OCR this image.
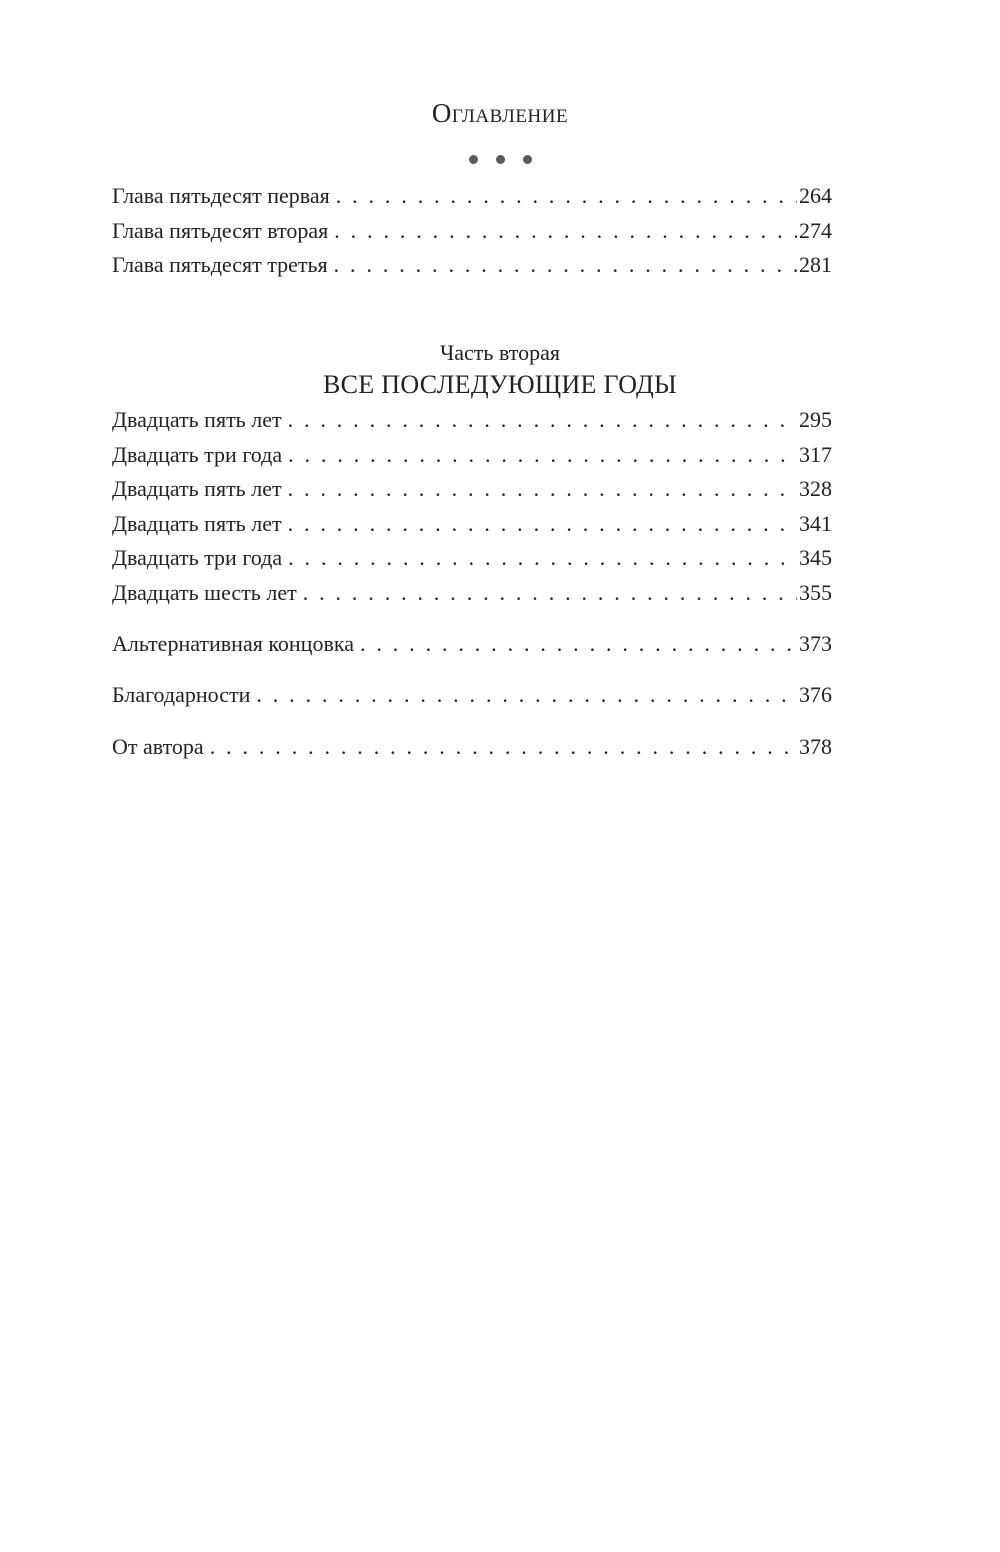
Оглавление
Глава пятьдесят первая . . .	264
Глава пятьдесят вторая . . .	274
Глава пятьдесят третья . . .	281
Часть вторая
ВСЕ ПОСЛЕДУЮЩИЕ ГОДЫ
Двадцать пять лет . . .	295
Двадцать три года . . .	317
Двадцать пять лет . . .	328
Двадцать пять лет . . .	341
Двадцать три года . . .	345
Двадцать шесть лет . . .	355
Альтернативная концовка . . .	373
Благодарности . . .	376
От автора . . .	378
